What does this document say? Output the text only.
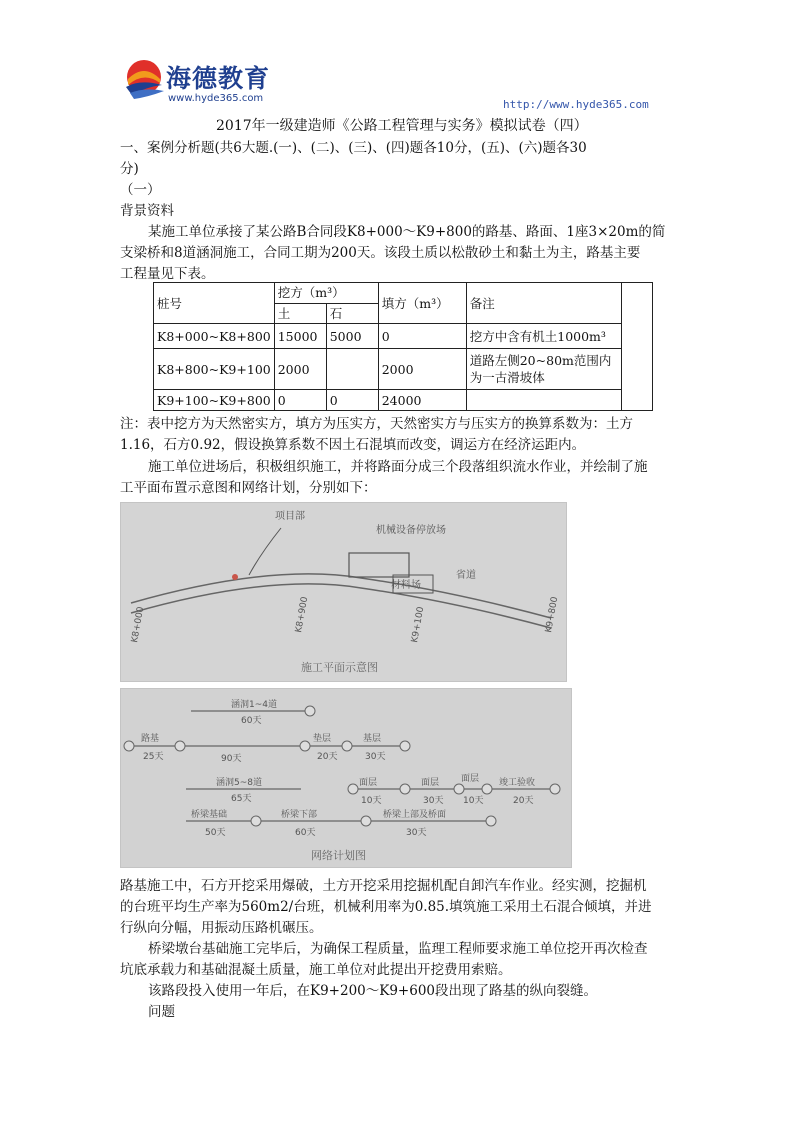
海德教育
www.hyde365.com	http://www.hyde365.com
2017年一级建造师《公路工程管理与实务》模拟试卷（四）
一、案例分析题(共6大题.(一)、(二)、(三)、(四)题各10分，(五)、(六)题各30
分)
（一）
背景资料
某施工单位承接了某公路B合同段K8+000～K9+800的路基、路面、1座3×20m的简
支梁桥和8道涵洞施工，合同工期为200天。该段土质以松散砂土和黏土为主，路基主要
工程量见下表。
桩号	挖方（m³）		填方（m³）	备注	
	土	石			
K8+000~K8+800	15000	5000	0	挖方中含有机土1000m³	
K8+800~K9+100	2000		2000	道路左侧20~80m范围内为一古滑坡体	
K9+100~K9+800	0	0	24000		
注：表中挖方为天然密实方，填方为压实方，天然密实方与压实方的换算系数为：土方
1.16，石方0.92，假设换算系数不因土石混填而改变，调运方在经济运距内。
施工单位进场后，积极组织施工，并将路面分成三个段落组织流水作业，并绘制了施
工平面布置示意图和网络计划，分别如下：
项目部
机械设备停放场
材料场
省道
K8+000	K8+900	K9+100	K9+800
施工平面示意图
涵洞1~4道
60天
路基
25天	90天
垫层
20天
基层
30天
涵洞5~8道
65天
面层
10天
面层
30天
面层
10天
竣工验收
20天
桥梁基础
50天
桥梁下部
60天
桥梁上部及桥面
30天
网络计划图
路基施工中，石方开挖采用爆破，土方开挖采用挖掘机配自卸汽车作业。经实测，挖掘机
的台班平均生产率为560m2/台班，机械利用率为0.85.填筑施工采用土石混合倾填，并进
行纵向分幅，用振动压路机碾压。
桥梁墩台基础施工完毕后，为确保工程质量，监理工程师要求施工单位挖开再次检查
坑底承载力和基础混凝土质量，施工单位对此提出开挖费用索赔。
该路段投入使用一年后，在K9+200～K9+600段出现了路基的纵向裂缝。
问题
